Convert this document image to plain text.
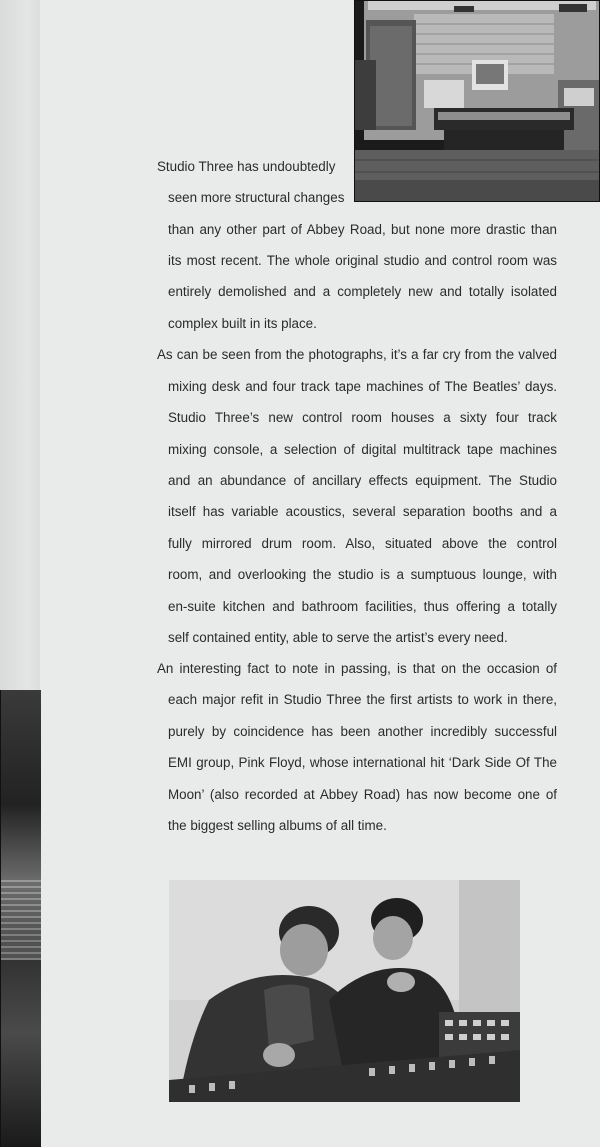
Studio Three has undoubtedly
seen more structural changes
than any other part of Abbey Road, but none more drastic than
its most recent. The whole original studio and control room was
entirely demolished and a completely new and totally isolated
complex built in its place.
As can be seen from the photographs, it’s a far cry from the valved
mixing desk and four track tape machines of The Beatles’ days.
Studio Three’s new control room houses a sixty four track
mixing console, a selection of digital multitrack tape machines
and an abundance of ancillary effects equipment. The Studio
itself has variable acoustics, several separation booths and a
fully mirrored drum room. Also, situated above the control
room, and overlooking the studio is a sumptuous lounge, with
en-suite kitchen and bathroom facilities, thus offering a totally
self contained entity, able to serve the artist’s every need.
An interesting fact to note in passing, is that on the occasion of
each major refit in Studio Three the first artists to work in there,
purely by coincidence has been another incredibly successful
EMI group, Pink Floyd, whose international hit ‘Dark Side Of The
Moon’ (also recorded at Abbey Road) has now become one of
the biggest selling albums of all time.
